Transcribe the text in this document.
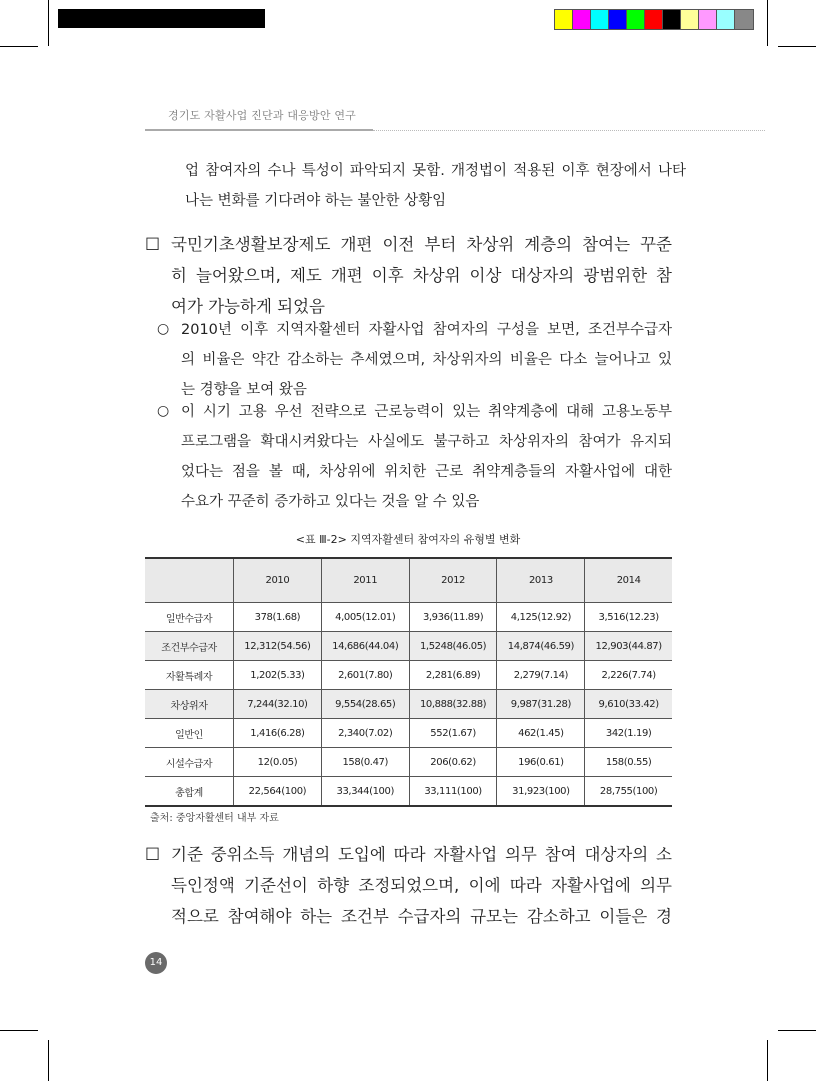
경기도 자활사업 진단과 대응방안 연구
업 참여자의 수나 특성이 파악되지 못함. 개정법이 적용된 이후 현장에서 나타
나는 변화를 기다려야 하는 불안한 상황임
□ 국민기초생활보장제도 개편 이전 부터 차상위 계층의 참여는 꾸준
히 늘어왔으며, 제도 개편 이후 차상위 이상 대상자의 광범위한 참
여가 가능하게 되었음
○ 2010년 이후 지역자활센터 자활사업 참여자의 구성을 보면, 조건부수급자
의 비율은 약간 감소하는 추세였으며, 차상위자의 비율은 다소 늘어나고 있
는 경향을 보여 왔음
○ 이 시기 고용 우선 전략으로 근로능력이 있는 취약계층에 대해 고용노동부
프로그램을 확대시켜왔다는 사실에도 불구하고 차상위자의 참여가 유지되
었다는 점을 볼 때, 차상위에 위치한 근로 취약계층들의 자활사업에 대한
수요가 꾸준히 증가하고 있다는 것을 알 수 있음
<표 Ⅲ-2> 지역자활센터 참여자의 유형별 변화
	2010	2011	2012	2013	2014
일반수급자	378(1.68)	4,005(12.01)	3,936(11.89)	4,125(12.92)	3,516(12.23)
조건부수급자	12,312(54.56)	14,686(44.04)	1,5248(46.05)	14,874(46.59)	12,903(44.87)
자활특례자	1,202(5.33)	2,601(7.80)	2,281(6.89)	2,279(7.14)	2,226(7.74)
차상위자	7,244(32.10)	9,554(28.65)	10,888(32.88)	9,987(31.28)	9,610(33.42)
일반인	1,416(6.28)	2,340(7.02)	552(1.67)	462(1.45)	342(1.19)
시설수급자	12(0.05)	158(0.47)	206(0.62)	196(0.61)	158(0.55)
총합계	22,564(100)	33,344(100)	33,111(100)	31,923(100)	28,755(100)
출처: 중앙자활센터 내부 자료
□ 기준 중위소득 개념의 도입에 따라 자활사업 의무 참여 대상자의 소
득인정액 기준선이 하향 조정되었으며, 이에 따라 자활사업에 의무
적으로 참여해야 하는 조건부 수급자의 규모는 감소하고 이들은 경
14
